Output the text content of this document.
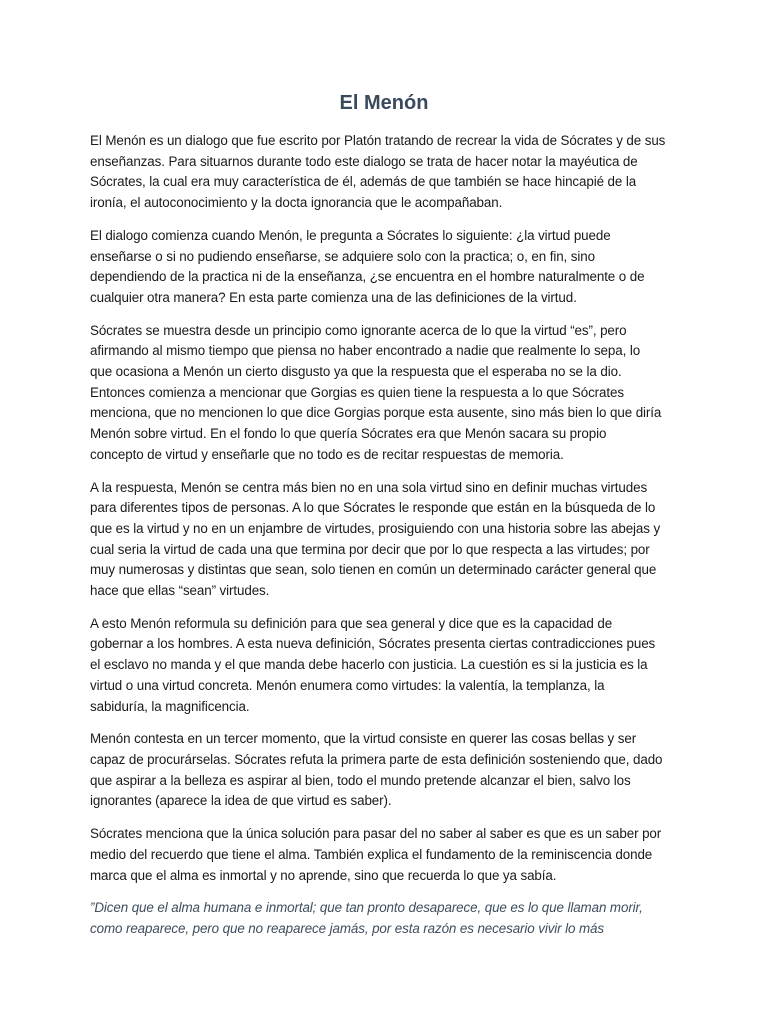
El Menón

El Menón es un dialogo que fue escrito por Platón tratando de recrear la vida de Sócrates y de sus
enseñanzas. Para situarnos durante todo este dialogo se trata de hacer notar la mayéutica de
Sócrates, la cual era muy característica de él, además de que también se hace hincapié de la
ironía, el autoconocimiento y la docta ignorancia que le acompañaban.

El dialogo comienza cuando Menón, le pregunta a Sócrates lo siguiente: ¿la virtud puede
enseñarse o si no pudiendo enseñarse, se adquiere solo con la practica; o, en fin, sino
dependiendo de la practica ni de la enseñanza, ¿se encuentra en el hombre naturalmente o de
cualquier otra manera? En esta parte comienza una de las definiciones de la virtud.

Sócrates se muestra desde un principio como ignorante acerca de lo que la virtud “es”, pero
afirmando al mismo tiempo que piensa no haber encontrado a nadie que realmente lo sepa, lo
que ocasiona a Menón un cierto disgusto ya que la respuesta que el esperaba no se la dio.
Entonces comienza a mencionar que Gorgias es quien tiene la respuesta a lo que Sócrates
menciona, que no mencionen lo que dice Gorgias porque esta ausente, sino más bien lo que diría
Menón sobre virtud. En el fondo lo que quería Sócrates era que Menón sacara su propio
concepto de virtud y enseñarle que no todo es de recitar respuestas de memoria.

A la respuesta, Menón se centra más bien no en una sola virtud sino en definir muchas virtudes
para diferentes tipos de personas. A lo que Sócrates le responde que están en la búsqueda de lo
que es la virtud y no en un enjambre de virtudes, prosiguiendo con una historia sobre las abejas y
cual seria la virtud de cada una que termina por decir que por lo que respecta a las virtudes; por
muy numerosas y distintas que sean, solo tienen en común un determinado carácter general que
hace que ellas “sean” virtudes.

A esto Menón reformula su definición para que sea general y dice que es la capacidad de
gobernar a los hombres. A esta nueva definición, Sócrates presenta ciertas contradicciones pues
el esclavo no manda y el que manda debe hacerlo con justicia. La cuestión es si la justicia es la
virtud o una virtud concreta. Menón enumera como virtudes: la valentía, la templanza, la
sabiduría, la magnificencia.

Menón contesta en un tercer momento, que la virtud consiste en querer las cosas bellas y ser
capaz de procurárselas. Sócrates refuta la primera parte de esta definición sosteniendo que, dado
que aspirar a la belleza es aspirar al bien, todo el mundo pretende alcanzar el bien, salvo los
ignorantes (aparece la idea de que virtud es saber).

Sócrates menciona que la única solución para pasar del no saber al saber es que es un saber por
medio del recuerdo que tiene el alma. También explica el fundamento de la reminiscencia donde
marca que el alma es inmortal y no aprende, sino que recuerda lo que ya sabía.

”Dicen que el alma humana e inmortal; que tan pronto desaparece, que es lo que llaman morir,
como reaparece, pero que no reaparece jamás, por esta razón es necesario vivir lo más
